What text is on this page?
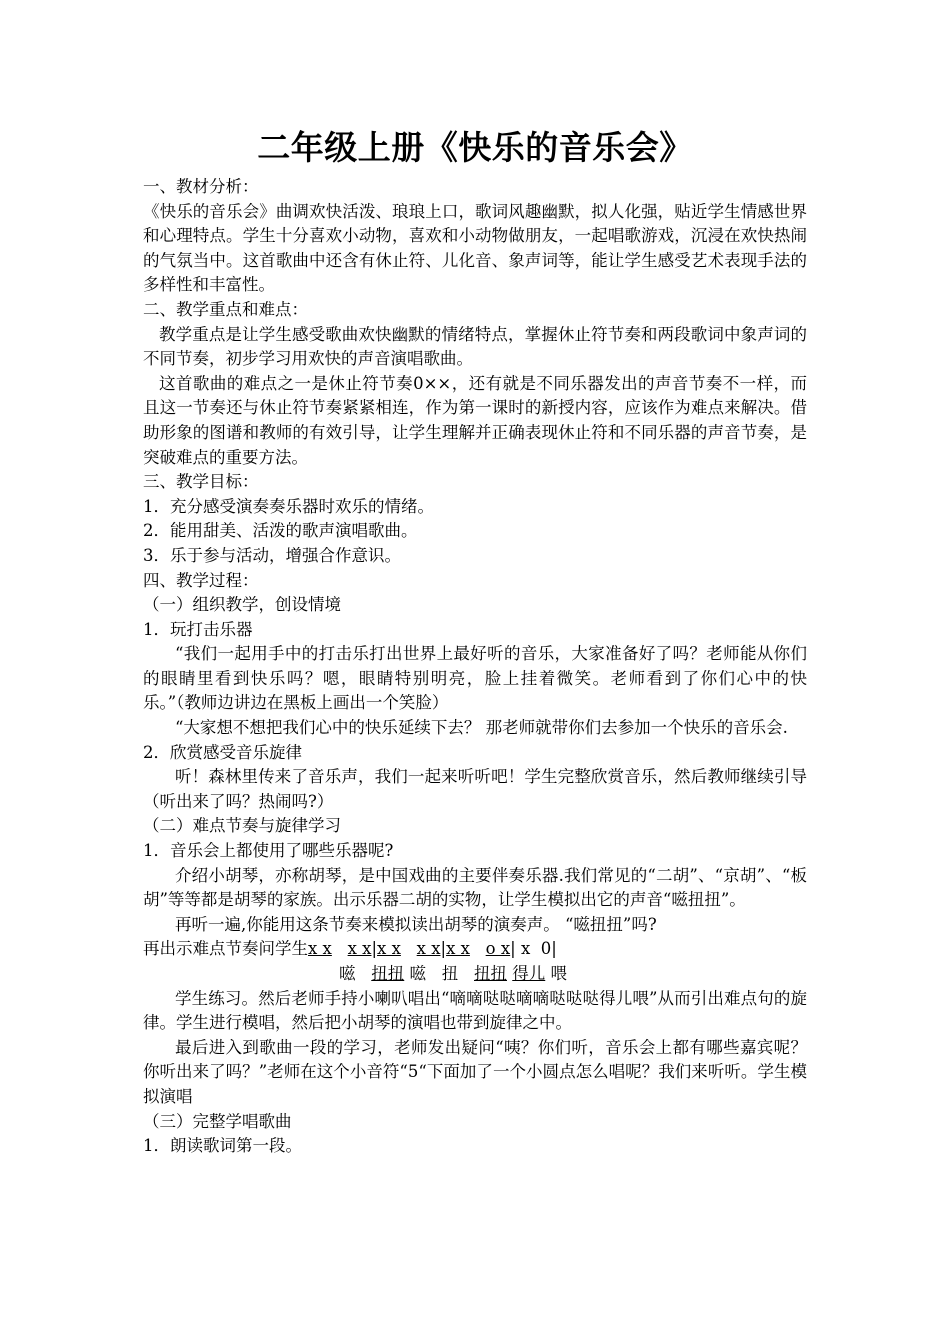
二年级上册《快乐的音乐会》

一、教材分析：

《快乐的音乐会》曲调欢快活泼、琅琅上口，歌词风趣幽默，拟人化强，贴近学生情感世界和心理特点。学生十分喜欢小动物，喜欢和小动物做朋友，一起唱歌游戏，沉浸在欢快热闹的气氛当中。这首歌曲中还含有休止符、儿化音、象声词等，能让学生感受艺术表现手法的多样性和丰富性。

二、教学重点和难点：

教学重点是让学生感受歌曲欢快幽默的情绪特点，掌握休止符节奏和两段歌词中象声词的不同节奏，初步学习用欢快的声音演唱歌曲。

这首歌曲的难点之一是休止符节奏0××，还有就是不同乐器发出的声音节奏不一样，而且这一节奏还与休止符节奏紧紧相连，作为第一课时的新授内容，应该作为难点来解决。借助形象的图谱和教师的有效引导，让学生理解并正确表现休止符和不同乐器的声音节奏，是突破难点的重要方法。

三、教学目标：

1．充分感受演奏奏乐器时欢乐的情绪。

2．能用甜美、活泼的歌声演唱歌曲。

3．乐于参与活动，增强合作意识。

四、教学过程：

（一）组织教学，创设情境

1．玩打击乐器

“我们一起用手中的打击乐打出世界上最好听的音乐，大家准备好了吗？老师能从你们的眼睛里看到快乐吗？嗯，眼睛特别明亮，脸上挂着微笑。老师看到了你们心中的快乐。”（教师边讲边在黑板上画出一个笑脸）

“大家想不想把我们心中的快乐延续下去？ 那老师就带你们去参加一个快乐的音乐会.

2．欣赏感受音乐旋律

听！森林里传来了音乐声，我们一起来听听吧！学生完整欣赏音乐，然后教师继续引导（听出来了吗？热闹吗?）

（二）难点节奏与旋律学习

1．音乐会上都使用了哪些乐器呢?

介绍小胡琴，亦称胡琴，是中国戏曲的主要伴奏乐器.我们常见的“二胡”、“京胡”、“板胡”等等都是胡琴的家族。出示乐器二胡的实物，让学生模拟出它的声音“嗞扭扭”。

再听一遍,你能用这条节奏来模拟读出胡琴的演奏声。 “嗞扭扭”吗?

再出示难点节奏问学生x x x x|x x x x|x x o x| x  0|

嗞 扭扭 嗞 扭 扭扭 得儿 喂

学生练习。然后老师手持小喇叭唱出“嘀嘀哒哒嘀嘀哒哒哒得儿喂”从而引出难点句的旋律。学生进行模唱，然后把小胡琴的演唱也带到旋律之中。

最后进入到歌曲一段的学习，老师发出疑问“咦？你们听，音乐会上都有哪些嘉宾呢？你听出来了吗？”老师在这个小音符“5“下面加了一个小圆点怎么唱呢？我们来听听。学生模拟演唱

（三）完整学唱歌曲

1．朗读歌词第一段。
